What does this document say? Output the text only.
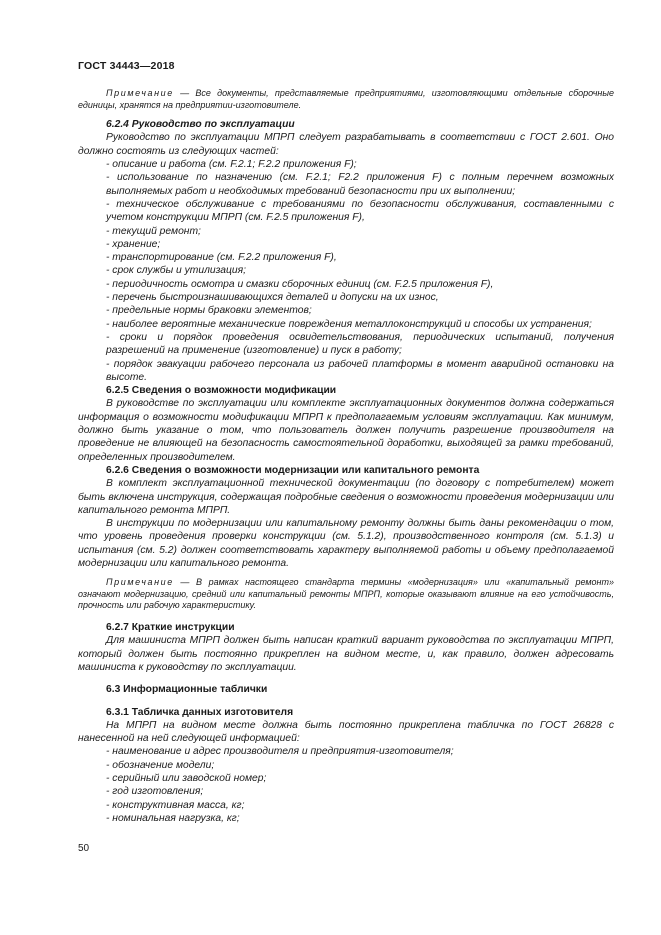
ГОСТ 34443—2018

Примечание — Все документы, представляемые предприятиями, изготовляющими отдельные сборочные единицы, хранятся на предприятии-изготовителе.

6.2.4 Руководство по эксплуатации

Руководство по эксплуатации МПРП следует разрабатывать в соответствии с ГОСТ 2.601. Оно должно состоять из следующих частей:

- описание и работа (см. F.2.1; F.2.2 приложения F);

- использование по назначению (см. F.2.1; F2.2 приложения F) с полным перечнем возможных выполняемых работ и необходимых требований безопасности при их выполнении;

- техническое обслуживание с требованиями по безопасности обслуживания, составленными с учетом конструкции МПРП (см. F.2.5 приложения F),

- текущий ремонт;

- хранение;

- транспортирование (см. F.2.2 приложения F),

- срок службы и утилизация;

- периодичность осмотра и смазки сборочных единиц (см. F.2.5 приложения F),

- перечень быстроизнашивающихся деталей и допуски на их износ,

- предельные нормы браковки элементов;

- наиболее вероятные механические повреждения металлоконструкций и способы их устранения;

- сроки и порядок проведения освидетельствования, периодических испытаний, получения разрешений на применение (изготовление) и пуск в работу;

- порядок эвакуации рабочего персонала из рабочей платформы в момент аварийной остановки на высоте.

6.2.5 Сведения о возможности модификации

В руководстве по эксплуатации или комплекте эксплуатационных документов должна содержаться информация о возможности модификации МПРП к предполагаемым условиям эксплуатации. Как минимум, должно быть указание о том, что пользователь должен получить разрешение производителя на проведение не влияющей на безопасность самостоятельной доработки, выходящей за рамки требований, определенных производителем.

6.2.6 Сведения о возможности модернизации или капитального ремонта

В комплект эксплуатационной технической документации (по договору с потребителем) может быть включена инструкция, содержащая подробные сведения о возможности проведения модернизации или капитального ремонта МПРП.

В инструкции по модернизации или капитальному ремонту должны быть даны рекомендации о том, что уровень проведения проверки конструкции (см. 5.1.2), производственного контроля (см. 5.1.3) и испытания (см. 5.2) должен соответствовать характеру выполняемой работы и объему предполагаемой модернизации или капитального ремонта.

Примечание — В рамках настоящего стандарта термины «модернизация» или «капитальный ремонт» означают модернизацию, средний или капитальный ремонты МПРП, которые оказывают влияние на его устойчивость, прочность или рабочую характеристику.

6.2.7 Краткие инструкции

Для машиниста МПРП должен быть написан краткий вариант руководства по эксплуатации МПРП, который должен быть постоянно прикреплен на видном месте, и, как правило, должен адресовать машиниста к руководству по эксплуатации.

6.3 Информационные таблички

6.3.1 Табличка данных изготовителя

На МПРП на видном месте должна быть постоянно прикреплена табличка по ГОСТ 26828 с нанесенной на ней следующей информацией:

- наименование и адрес производителя и предприятия-изготовителя;

- обозначение модели;

- серийный или заводской номер;

- год изготовления;

- конструктивная масса, кг;

- номинальная нагрузка, кг;

50
